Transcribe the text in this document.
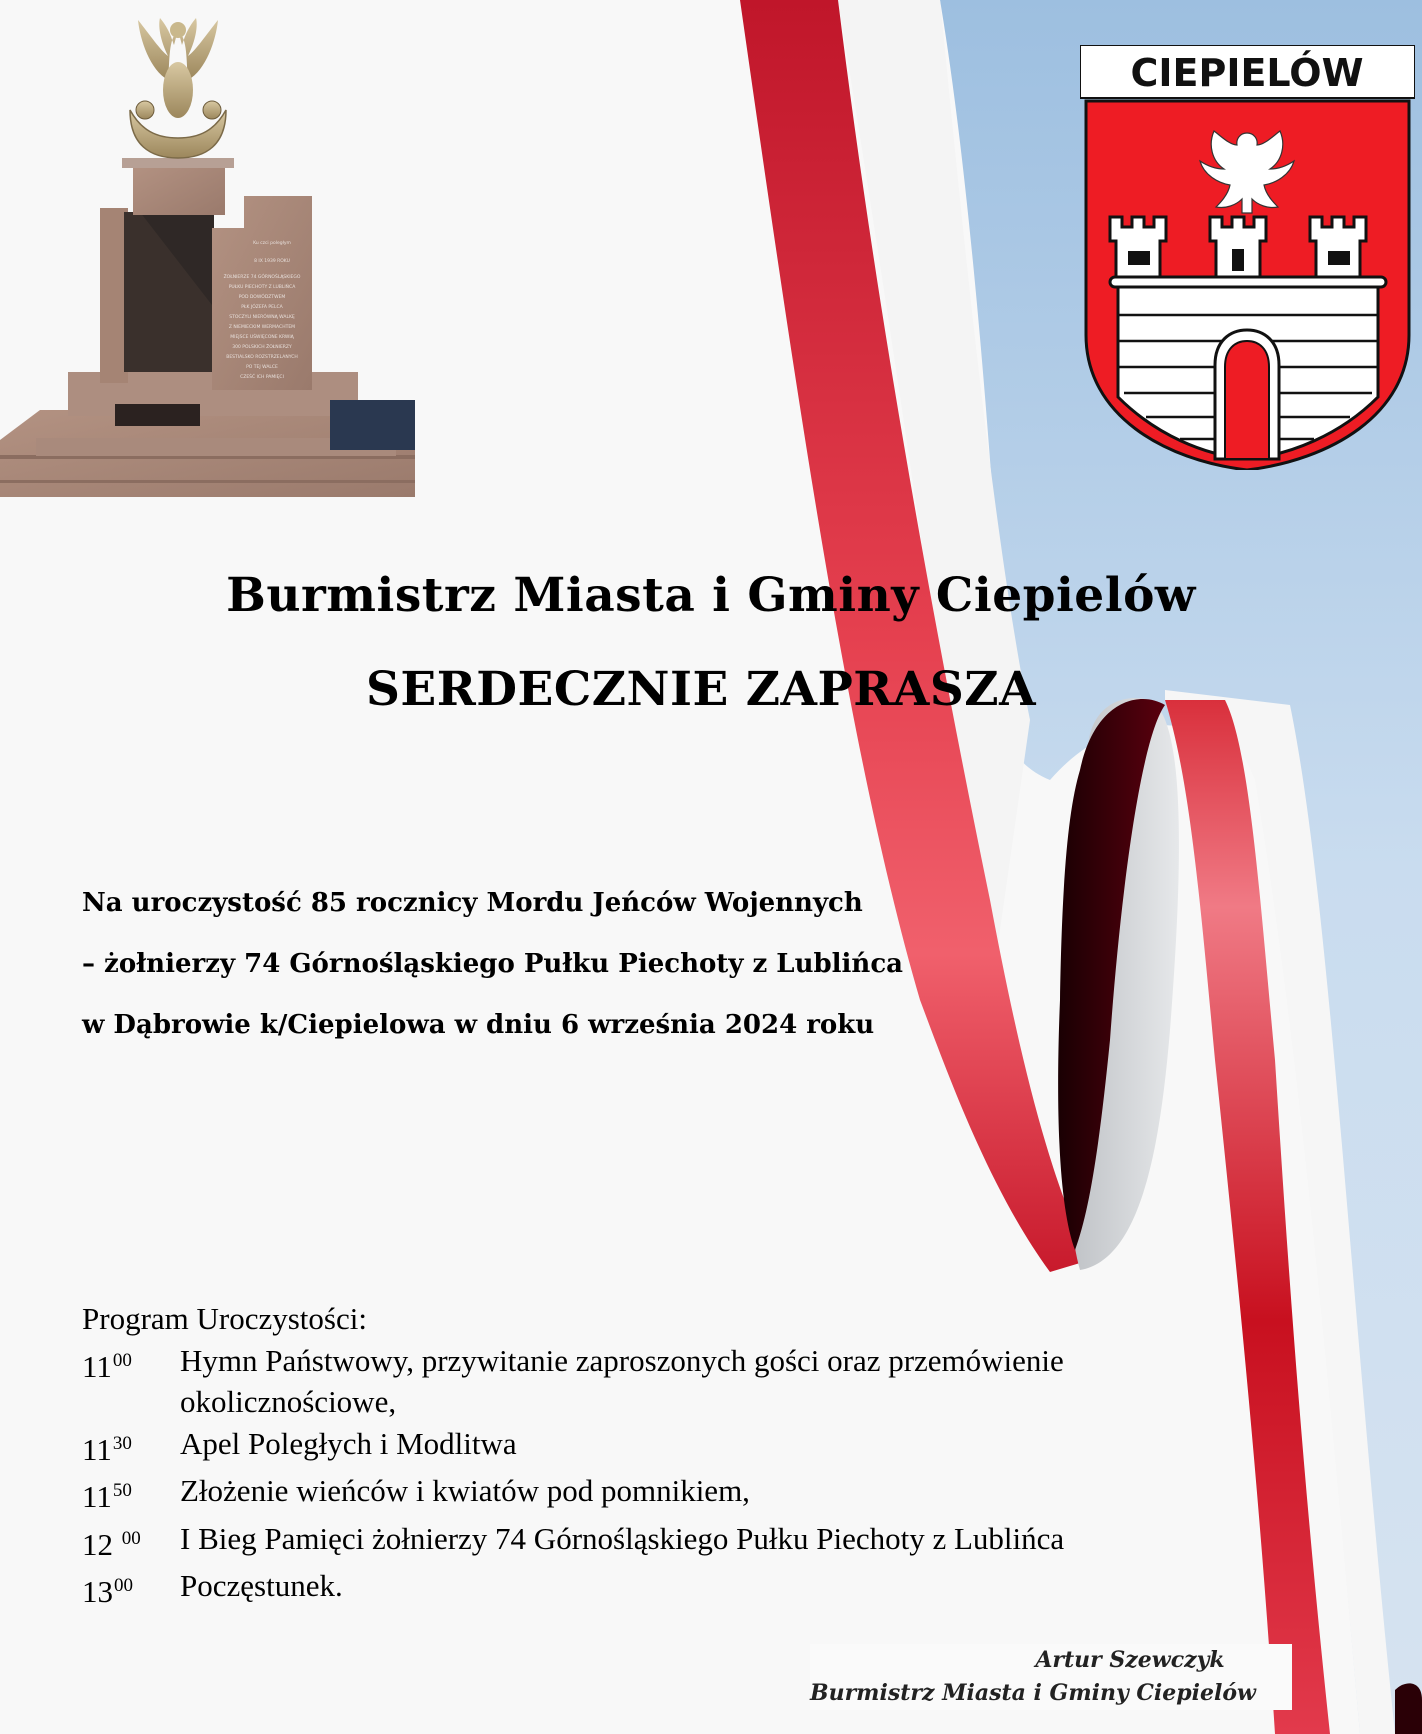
Ku czci poległym
8 IX 1939 ROKU
ŻOŁNIERZE 74 GÓRNOŚLĄSKIEGO
PUŁKU PIECHOTY Z LUBLIŃCA
POD DOWÓDZTWEM
PŁK JÓZEFA PELCA
STOCZYLI NIERÓWNĄ WALKĘ
Z NIEMIECKIM WERMACHTEM
MIEJSCE UŚWIĘCONE KRWIĄ
300 POLSKICH ŻOŁNIERZY
BESTIALSKO ROZSTRZELANYCH
PO TEJ WALCE
CZEŚĆ ICH PAMIĘCI
CIEPIELÓW
Burmistrz Miasta i Gminy Ciepielów
SERDECZNIE ZAPRASZA
Na uroczystość 85 rocznicy Mordu Jeńców Wojennych
– żołnierzy 74 Górnośląskiego Pułku Piechoty z Lublińca
w Dąbrowie k/Ciepielowa w dniu 6 września 2024 roku
Program Uroczystości:
$11^{00}$	Hymn Państwowy, przywitanie zaproszonych gości oraz przemówienie
okolicznościowe,
$11^{30}$	Apel Poległych i Modlitwa
$11^{50}$	Złożenie wieńców i kwiatów pod pomnikiem,
12 $^{00}$	I Bieg Pamięci żołnierzy 74 Górnośląskiego Pułku Piechoty z Lublińca
$13^{00}$	Poczęstunek.
Artur Szewczyk
Burmistrz Miasta i Gminy Ciepielów
